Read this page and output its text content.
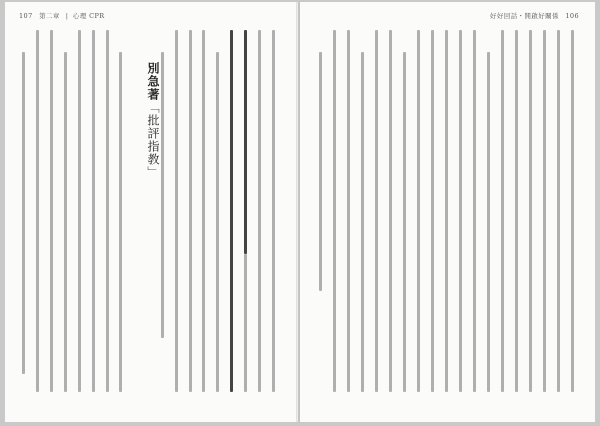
107 第二章 | 心理 CPR
別急著「批評指教」
好好回話・開啟好關係 106
